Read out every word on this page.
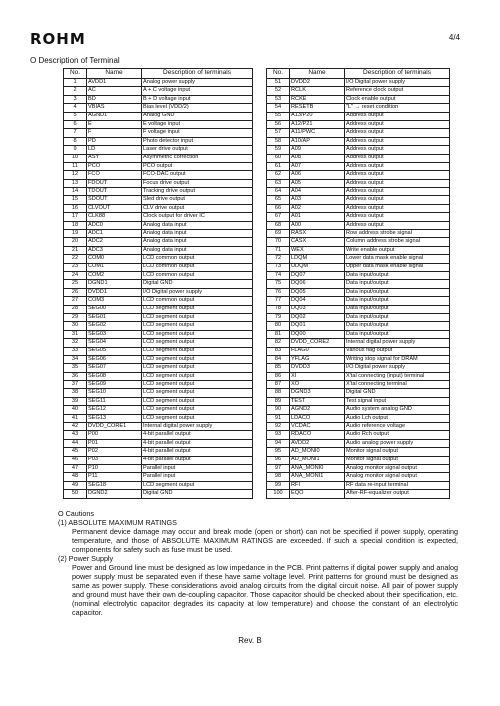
ROHM	4/4
O Description of Terminal
No.	Name	Description of terminals
1	AVDD1	Analog power supply
2	AC	A + C voltage input
3	BD	B + D voltage input
4	VBIAS	Bias level (VDD/2)
5	AGND1	Analog GND
6	E	E voltage input
7	F	F voltage input
8	PD	Photo detector input
9	LD	Laser drive output
10	ASY	Asymmetric correction
11	PCO	PCO output
12	FCO	FCO-DAC output
13	FDOUT	Focus drive output
14	TDOUT	Tracking drive output
15	SDOUT	Sled drive output
16	CLVOUT	CLV drive output
17	CLK88	Clock output for driver IC
18	ADC0	Analog data input
19	ADC1	Analog data input
20	ADC2	Analog data input
21	ADC3	Analog data input
22	COM0	LCD common output
23	COM1	LCD common output
24	COM2	LCD common output
25	DGND1	Digital GND
26	DVDD1	I/O Digital power supply
27	COM3	LCD common output
28	SEG00	LCD segment output
29	SEG01	LCD segment output
30	SEG02	LCD segment output
31	SEG03	LCD segment output
32	SEG04	LCD segment output
33	SEG05	LCD segment output
34	SEG06	LCD segment output
35	SEG07	LCD segment output
36	SEG08	LCD segment output
37	SEG09	LCD segment output
38	SEG10	LCD segment output
39	SEG11	LCD segment output
40	SEG12	LCD segment output
41	SEG13	LCD segment output
42	DVDD_CORE1	Internal digital power supply
43	P00	4-bit parallel output
44	P01	4-bit parallel output
45	P02	4-bit parallel output
46	P03	4-bit parallel output
47	P10	Parallel input
48	P11	Parallel input
49	SEG18	LCD segment output
50	DGND2	Digital GND
No.	Name	Description of terminals
51	DVDD2	I/O Digital power supply
52	RCLK	Reference clock output
53	RCKE	Clock enable output
54	RESETB	"L" → reset condition
55	A13/P20	Address output
56	A12/P21	Address output
57	A11/PWC	Address output
58	A10/AP	Address output
59	A09	Address output
60	A08	Address output
61	A07	Address output
62	A06	Address output
63	A05	Address output
64	A04	Address output
65	A03	Address output
66	A02	Address output
67	A01	Address output
68	A00	Address output
69	RASX	Row address strobe signal
70	CASX	Column address strobe signal
71	WEX	Write enable output
72	LDQM	Lower data mask enable signal
73	UDQM	Upper data mask enable signal
74	DQ07	Data input/output
75	DQ06	Data input/output
76	DQ05	Data input/output
77	DQ04	Data input/output
78	DQ03	Data input/output
79	DQ02	Data input/output
80	DQ01	Data input/output
81	DQ00	Data input/output
82	DVDD_CORE2	Internal digital power supply
83	FLAG0	Various flag output
84	YFLAG	Writing stop signal for DRAM
85	DVDD3	I/O Digital power supply
86	XI	X'tal connecting (input) terminal
87	XO	X'tal connecting terminal
88	DGND3	Digital GND
89	TEST	Test signal input
90	AGND2	Audio system analog GND
91	LDACO	Audio Lch output
92	VCDAC	Audio reference voltage
93	RDACO	Audio Rch output
94	AVDD2	Audio analog power supply
95	AD_MONI0	Monitor signal output
96	AD_MONI1	Monitor signal output
97	ANA_MONI0	Analog monitor signal output
98	ANA_MONI1	Analog monitor signal output
99	RFI	RF data re-input terminal
100	EQO	After-RF-equalizer output

O Cautions

(1) ABSOLUTE MAXIMUM RATINGS

Permanent device damage may occur and break mode (open or short) can not be specified if power supply, operating temperature, and those of ABSOLUTE MAXIMUM RATINGS are exceeded. If such a special condition is expected, components for safety such as fuse must be used.

(2) Power Supply

Power and Ground line must be designed as low impedance in the PCB. Print patterns if digital power supply and analog power supply must be separated even if these have same voltage level. Print patterns for ground must be designed as same as power supply. These considerations avoid analog circuits from the digital circuit noise. All pair of power supply and ground must have their own de-coupling capacitor. Those capacitor should be checked about their specification, etc. (nominal electrolytic capacitor degrades its capacity at low temperature) and choose the constant of an electrolytic capacitor.

Rev. B
